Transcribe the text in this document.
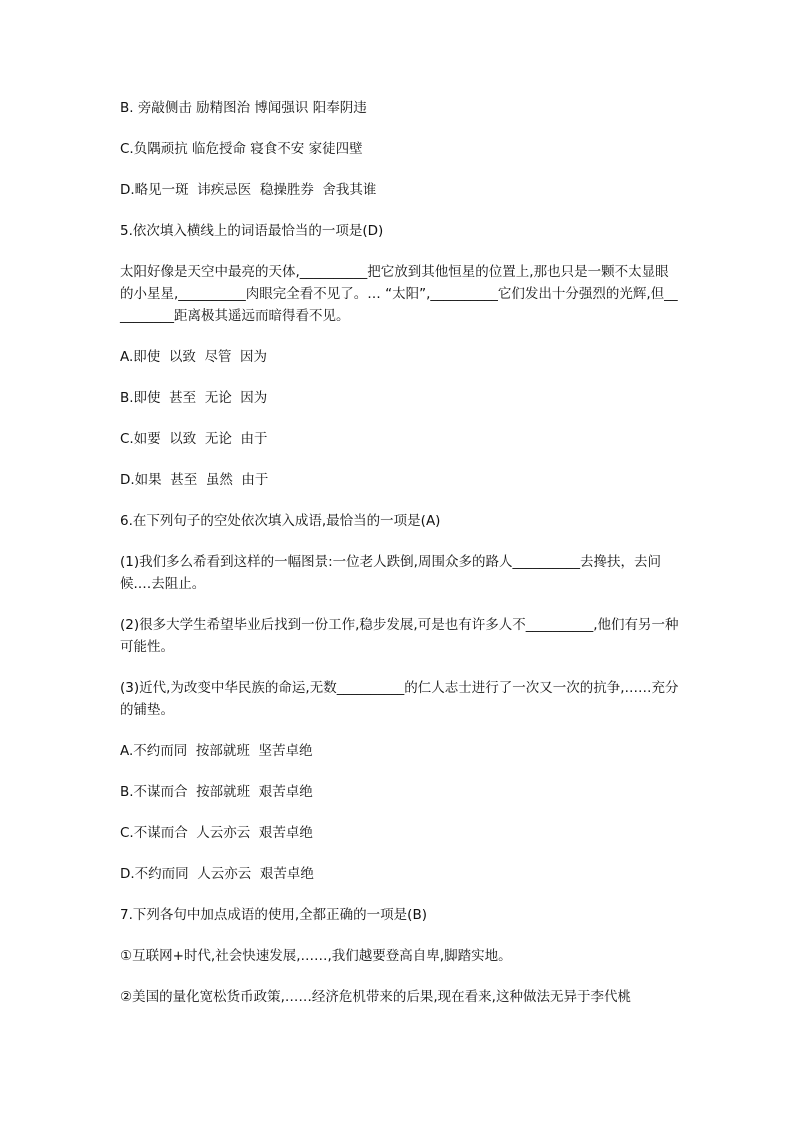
B. 旁敲侧击 励精图治 博闻强识 阳奉阴违

C.负隅顽抗 临危授命 寝食不安 家徒四壁

D.略见一斑  讳疾忌医  稳操胜券  舍我其谁

5.依次填入横线上的词语最恰当的一项是(D)

太阳好像是天空中最亮的天体,__________把它放到其他恒星的位置上,那也只是一颗不太显眼的小星星,__________肉眼完全看不见了。… “太阳”,__________它们发出十分强烈的光辉,但__________距离极其遥远而暗得看不见。

A.即使  以致  尽管  因为

B.即使  甚至  无论  因为

C.如要  以致  无论  由于

D.如果  甚至  虽然  由于

6.在下列句子的空处依次填入成语,最恰当的一项是(A)

(1)我们多么希看到这样的一幅图景:一位老人跌倒,周围众多的路人__________去搀扶，去问候.…去阻止。

(2)很多大学生希望毕业后找到一份工作,稳步发展,可是也有许多人不__________,他们有另一种可能性。

(3)近代,为改变中华民族的命运,无数__________的仁人志士进行了一次又一次的抗争,……充分的铺垫。

A.不约而同  按部就班  坚苦卓绝

B.不谋而合  按部就班  艰苦卓绝

C.不谋而合  人云亦云  艰苦卓绝

D.不约而同  人云亦云  艰苦卓绝

7.下列各句中加点成语的使用,全都正确的一项是(B)

①互联网+时代,社会快速发展,……,我们越要登高自卑,脚踏实地。

②美国的量化宽松货币政策,……经济危机带来的后果,现在看来,这种做法无异于李代桃
